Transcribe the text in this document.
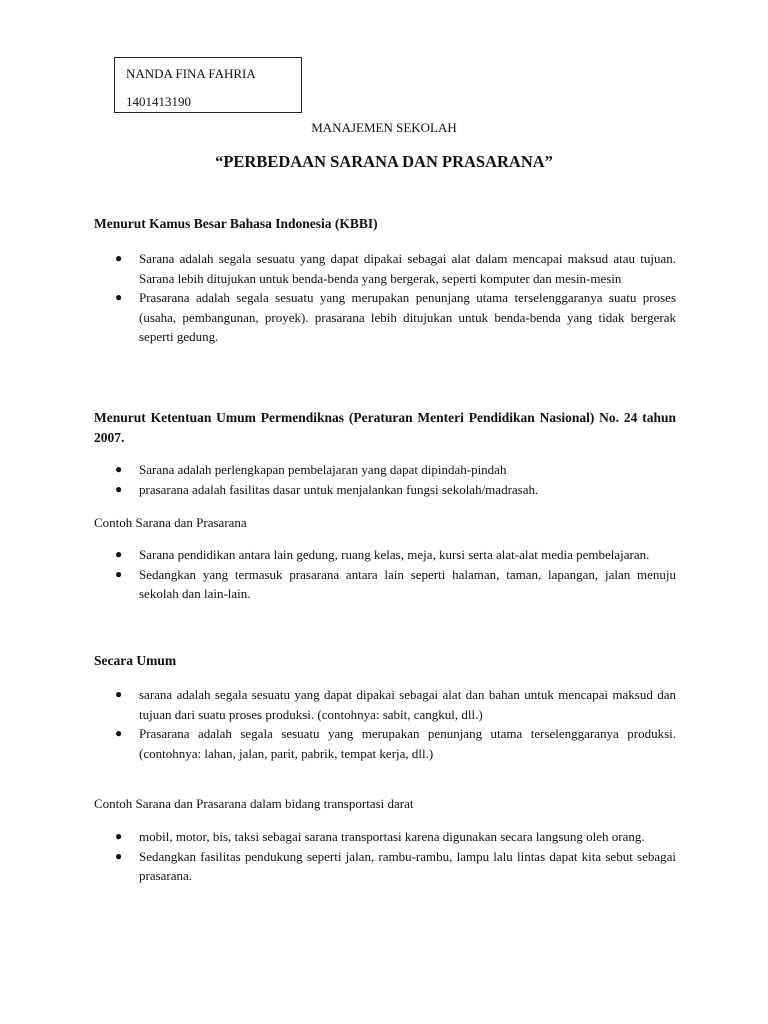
NANDA FINA FAHRIA
1401413190
MANAJEMEN SEKOLAH
“PERBEDAAN SARANA DAN PRASARANA”
Menurut Kamus Besar Bahasa Indonesia (KBBI)
● Sarana adalah segala sesuatu yang dapat dipakai sebagai alat dalam mencapai maksud atau tujuan. Sarana lebih ditujukan untuk benda-benda yang bergerak, seperti komputer dan mesin-mesin
● Prasarana adalah segala sesuatu yang merupakan penunjang utama terselenggaranya suatu proses (usaha, pembangunan, proyek). prasarana lebih ditujukan untuk benda-benda yang tidak bergerak seperti gedung.
Menurut Ketentuan Umum Permendiknas (Peraturan Menteri Pendidikan Nasional) No. 24 tahun 2007.
● Sarana adalah perlengkapan pembelajaran yang dapat dipindah-pindah
● prasarana adalah fasilitas dasar untuk menjalankan fungsi sekolah/madrasah.
Contoh Sarana dan Prasarana
● Sarana pendidikan antara lain gedung, ruang kelas, meja, kursi serta alat-alat media pembelajaran.
● Sedangkan yang termasuk prasarana antara lain seperti halaman, taman, lapangan, jalan menuju sekolah dan lain-lain.
Secara Umum
● sarana adalah segala sesuatu yang dapat dipakai sebagai alat dan bahan untuk mencapai maksud dan tujuan dari suatu proses produksi. (contohnya: sabit, cangkul, dll.)
● Prasarana adalah segala sesuatu yang merupakan penunjang utama terselenggaranya produksi. (contohnya: lahan, jalan, parit, pabrik, tempat kerja, dll.)
Contoh Sarana dan Prasarana dalam bidang transportasi darat
● mobil, motor, bis, taksi sebagai sarana transportasi karena digunakan secara langsung oleh orang.
● Sedangkan fasilitas pendukung seperti jalan, rambu-rambu, lampu lalu lintas dapat kita sebut sebagai prasarana.
